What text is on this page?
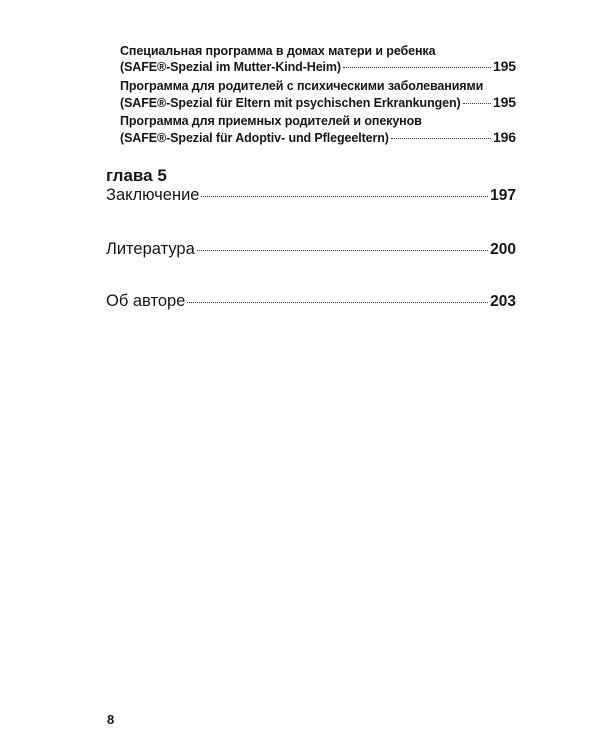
Специальная программа в домах матери и ребенка
(SAFE®-Spezial im Mutter-Kind-Heim)	195
Программа для родителей с психическими заболеваниями
(SAFE®-Spezial für Eltern mit psychischen Erkrankungen) 195
Программа для приемных родителей и опекунов
(SAFE®-Spezial für Adoptiv- und Pflegeeltern)	196
глава 5
Заключение	197
Литература	200
Об авторе	203
8
